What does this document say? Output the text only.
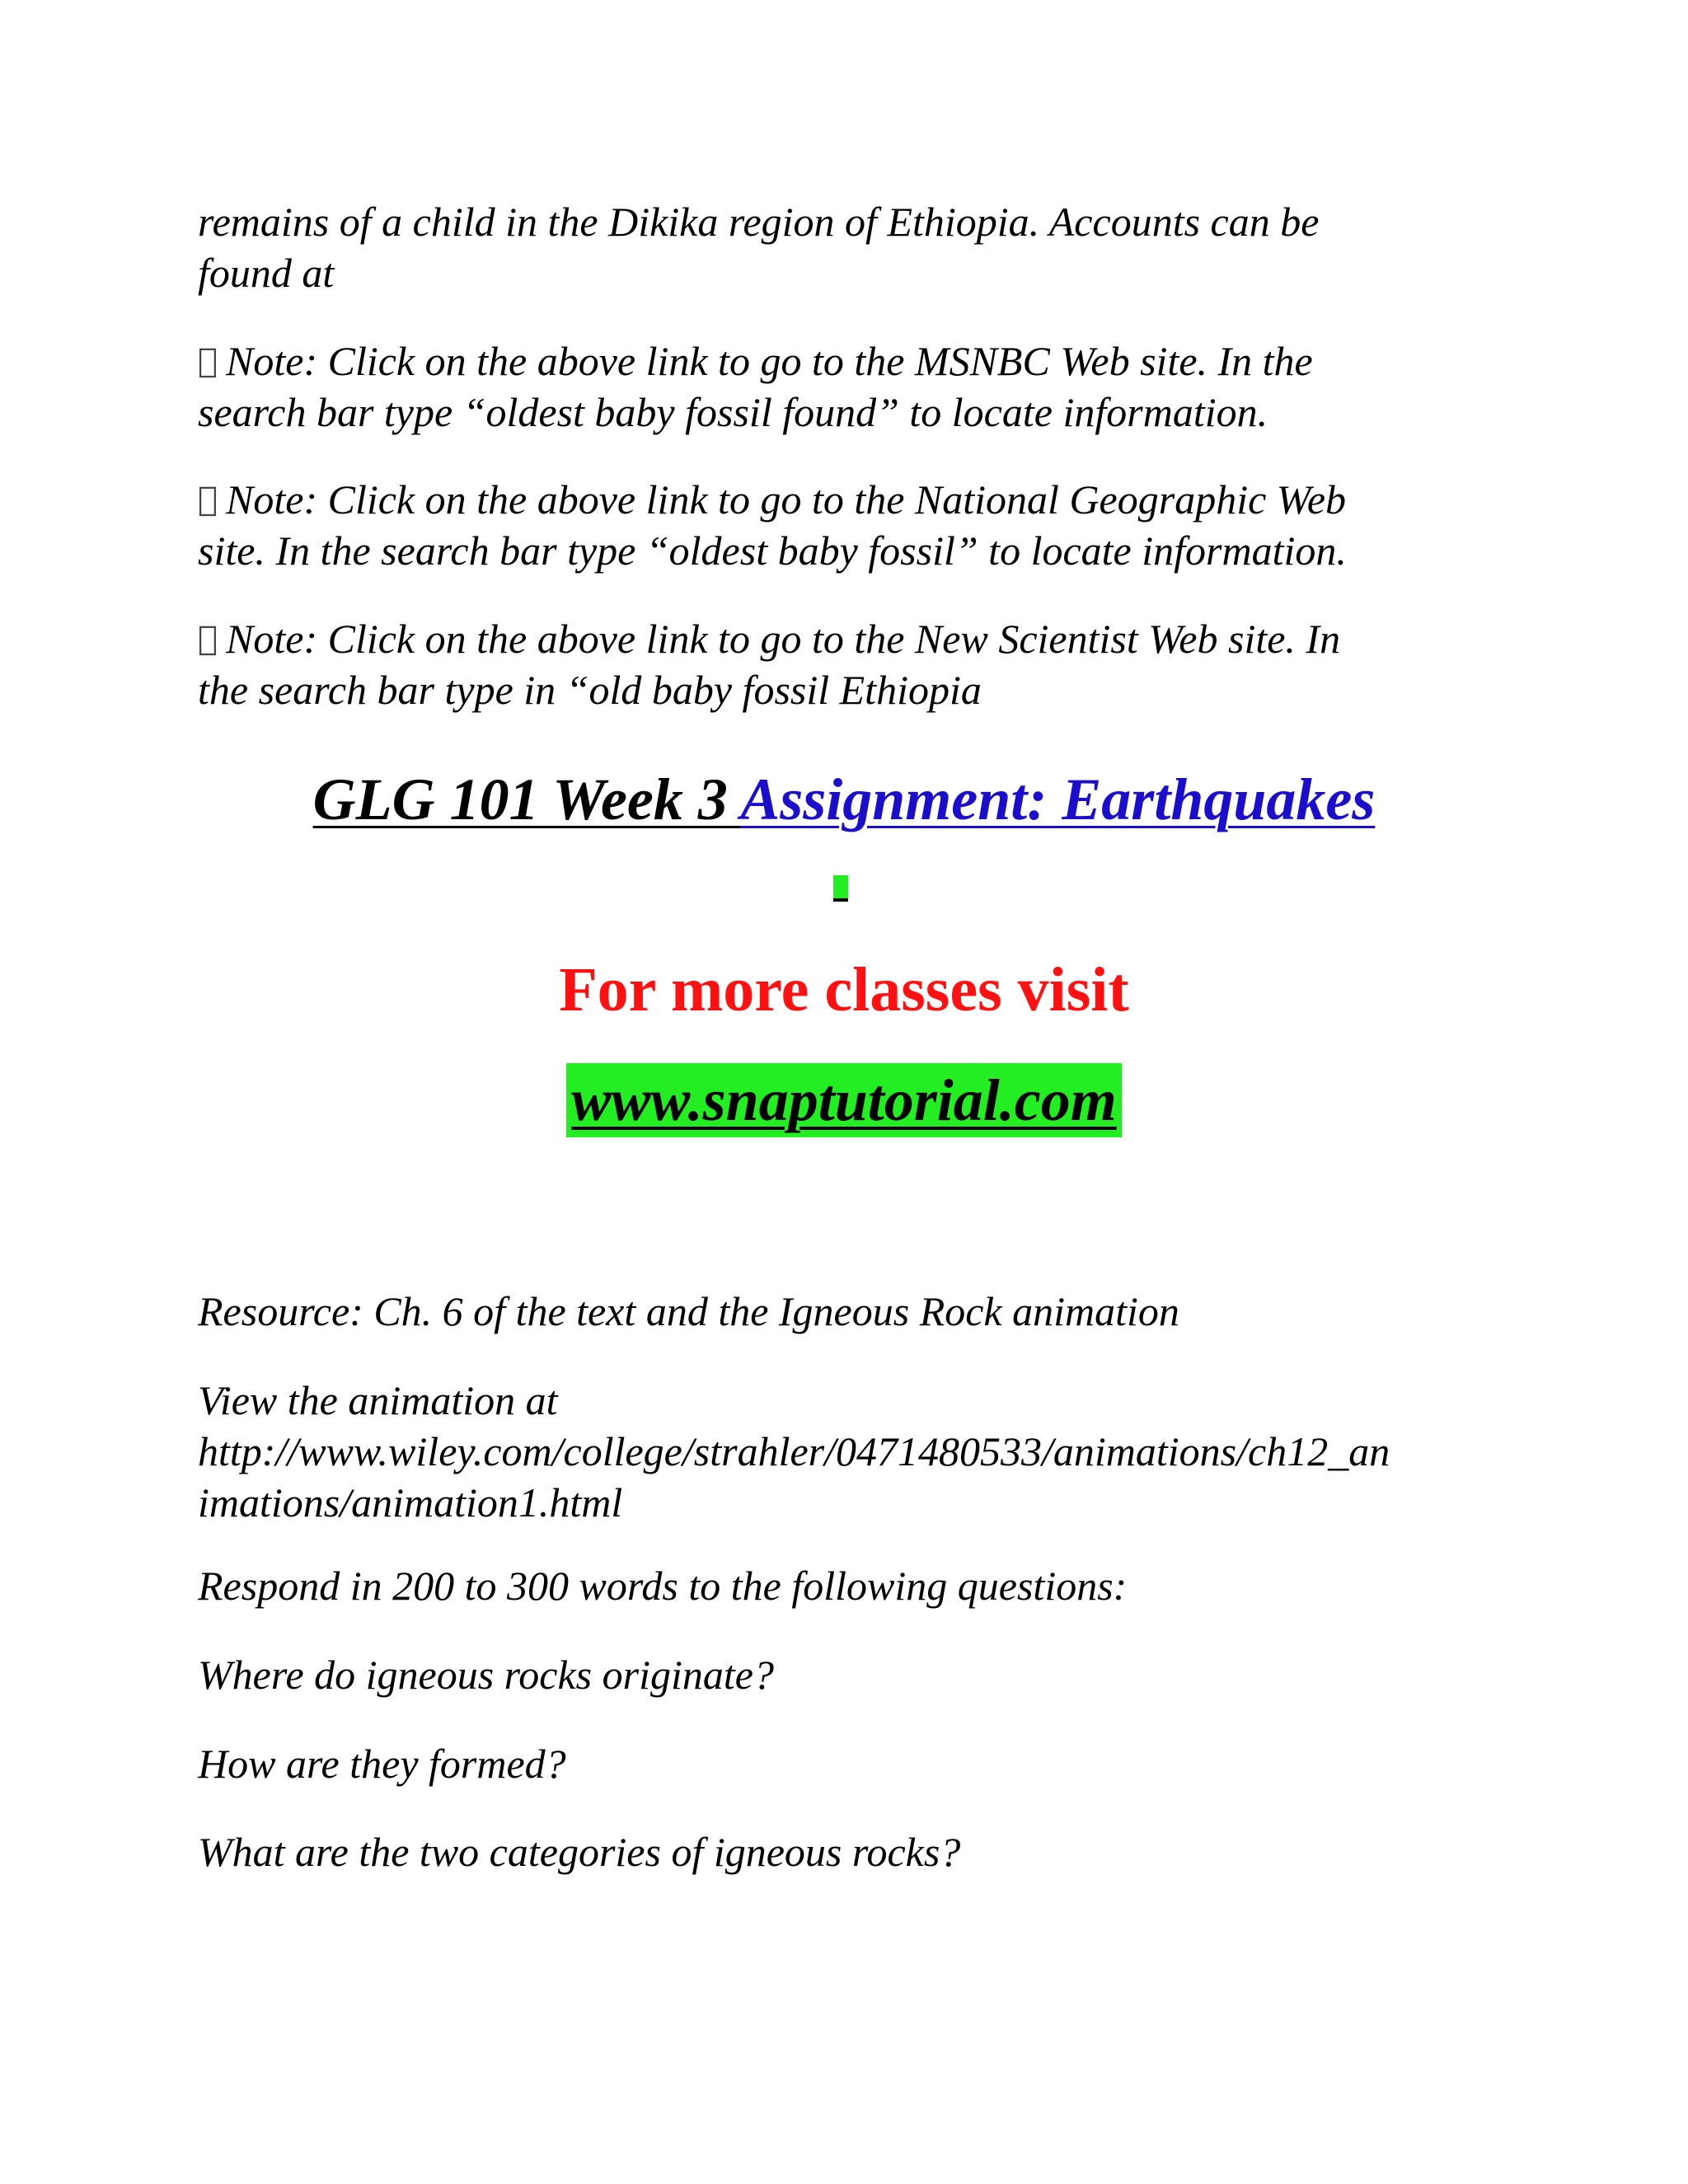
remains of a child in the Dikika region of Ethiopia. Accounts can be
found at

Note: Click on the above link to go to the MSNBC Web site. In the
search bar type “oldest baby fossil found” to locate information.

Note: Click on the above link to go to the National Geographic Web
site. In the search bar type “oldest baby fossil” to locate information.

Note: Click on the above link to go to the New Scientist Web site. In
the search bar type in “old baby fossil Ethiopia

GLG 101 Week 3 Assignment: Earthquakes

For more classes visit

www.snaptutorial.com

Resource: Ch. 6 of the text and the Igneous Rock animation

View the animation at
http://www.wiley.com/college/strahler/0471480533/animations/ch12_an
imations/animation1.html

Respond in 200 to 300 words to the following questions:

Where do igneous rocks originate?

How are they formed?

What are the two categories of igneous rocks?
